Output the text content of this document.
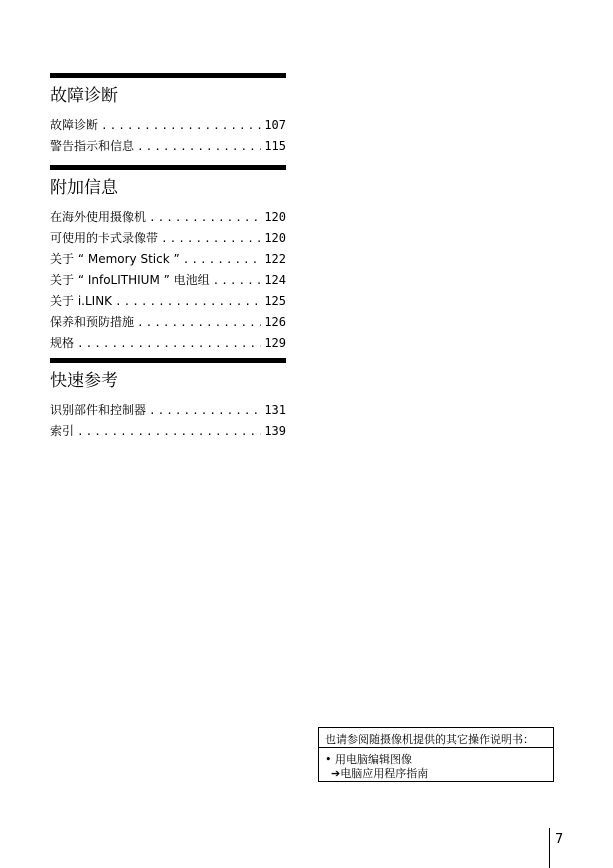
故障诊断
故障诊断 .....	107
警告指示和信息 .....	115
附加信息
在海外使用摄像机 .....	120
可使用的卡式录像带 .....	120
关于 “ Memory Stick ” .....	122
关于 “ InfoLITHIUM ” 电池组 .....	124
关于 i.LINK .....	125
保养和预防措施 .....	126
规格 .....	129
快速参考
识别部件和控制器 .....	131
索引 .....	139
也请参阅随摄像机提供的其它操作说明书：
• 用电脑编辑图像
➔电脑应用程序指南
7
